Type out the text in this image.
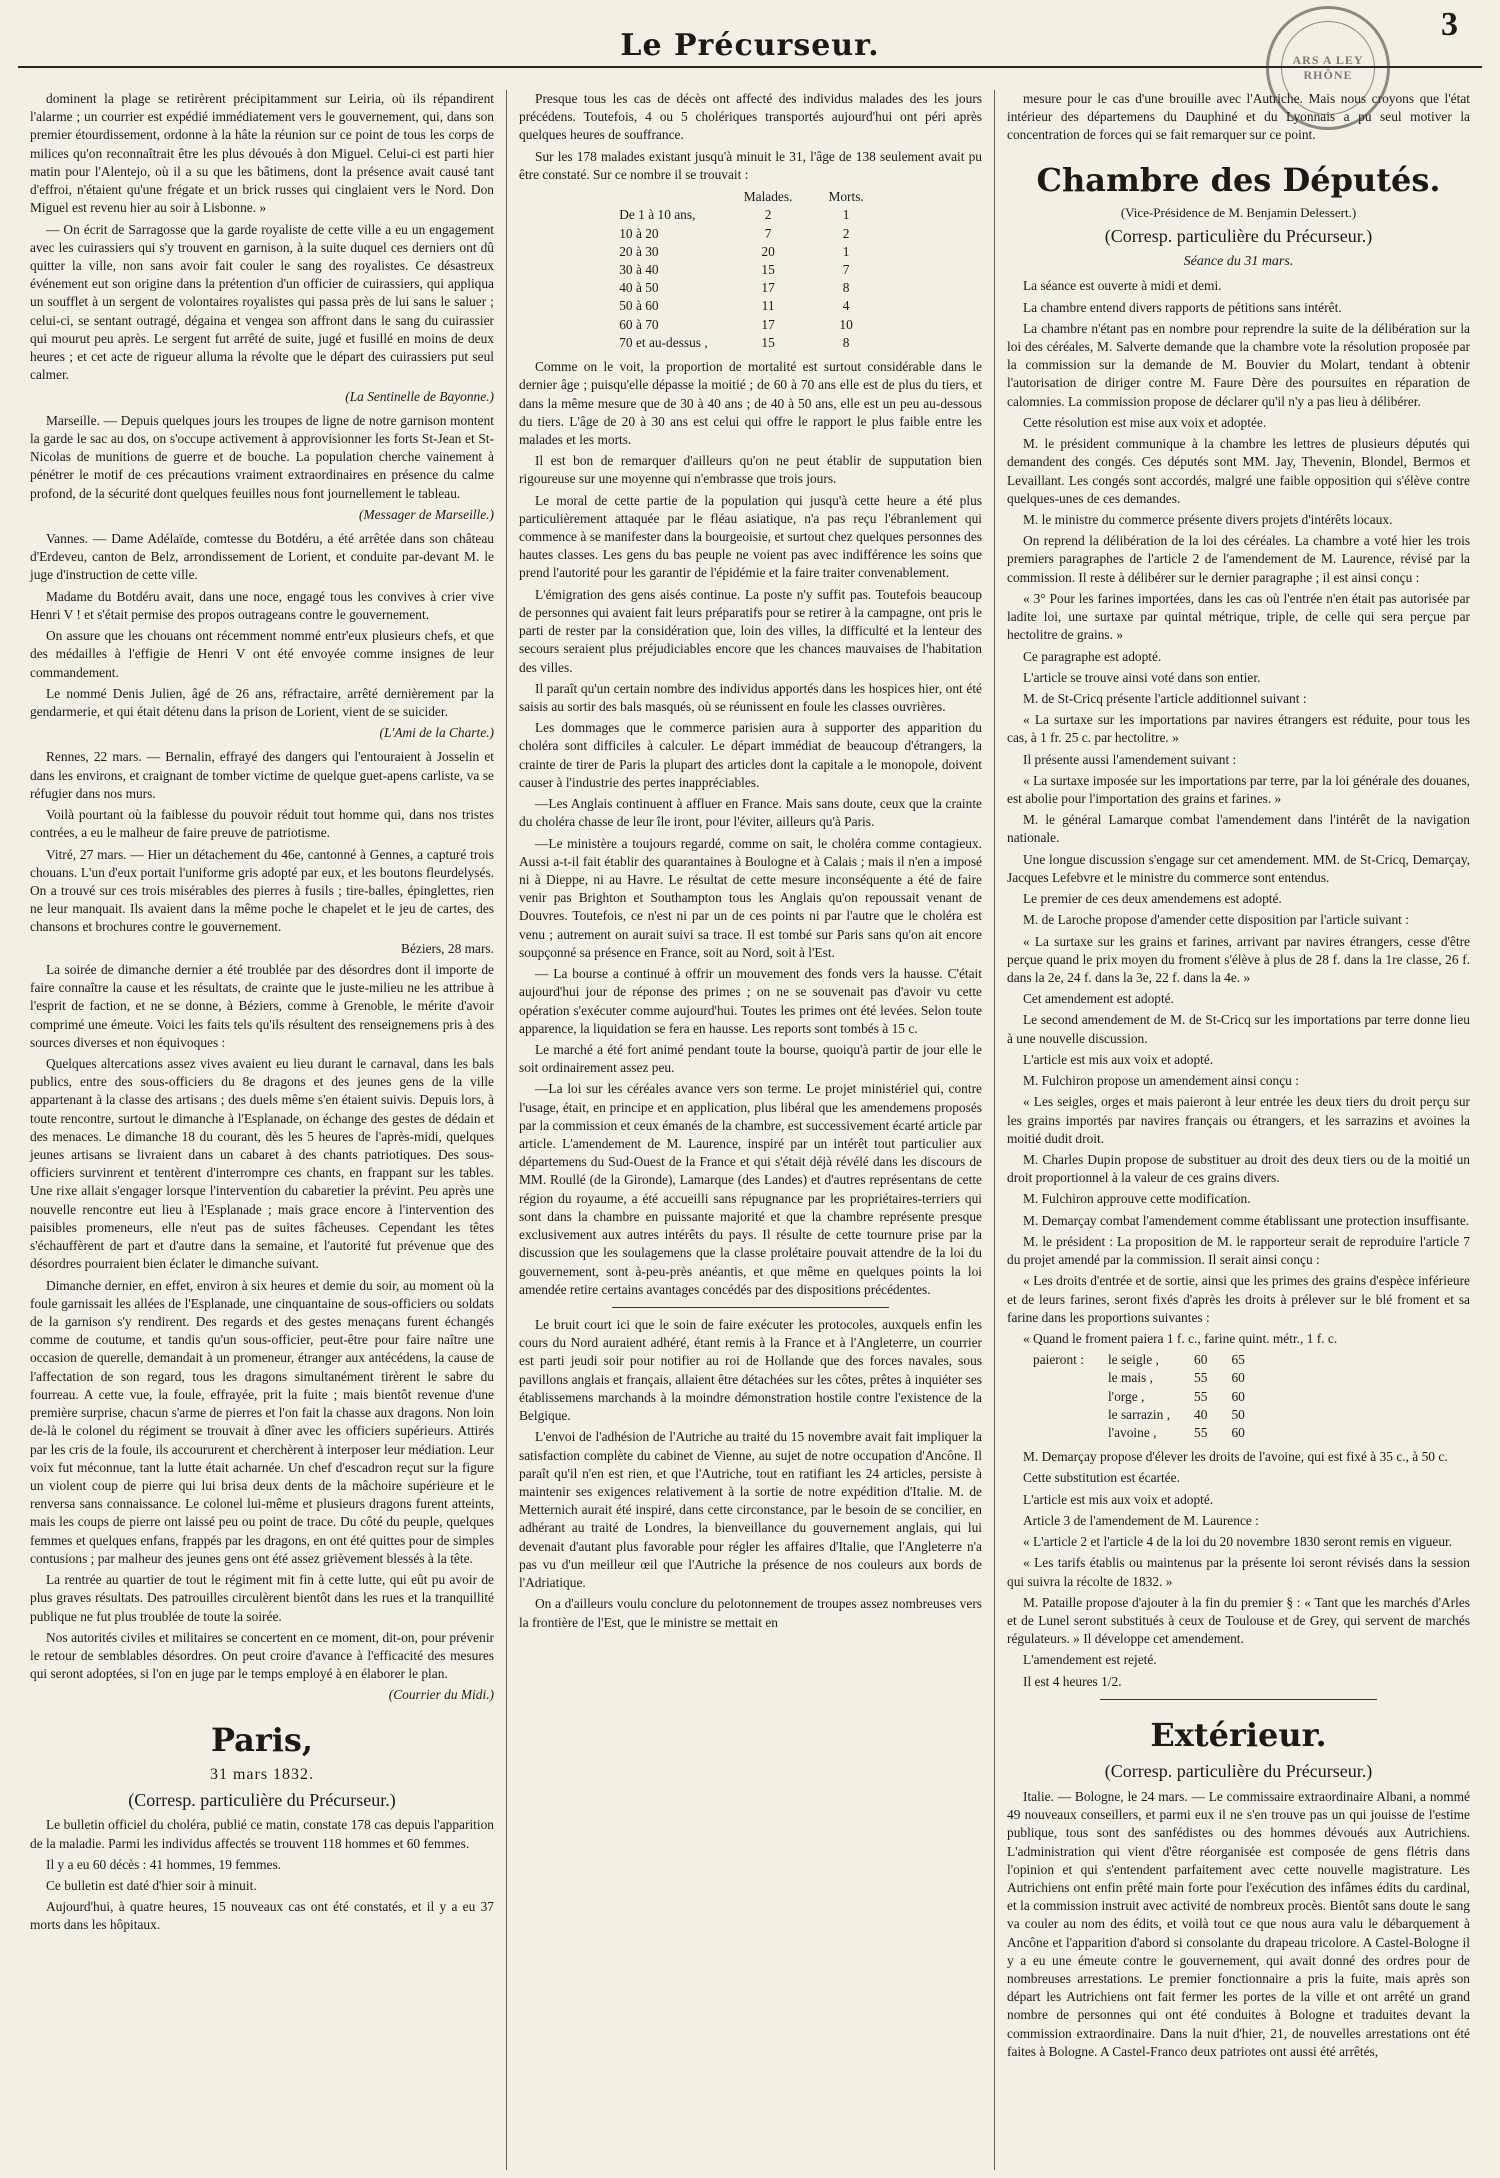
Le Précurseur.	ARS A LEY
RHÔNE
3

dominent la plage se retirèrent précipitamment sur Leiria, où ils répandirent l'alarme ; un courrier est expédié immédiatement vers le gouvernement, qui, dans son premier étourdissement, ordonne à la hâte la réunion sur ce point de tous les corps de milices qu'on reconnaîtrait être les plus dévoués à don Miguel. Celui-ci est parti hier matin pour l'Alentejo, où il a su que les bâtimens, dont la présence avait causé tant d'effroi, n'étaient qu'une frégate et un brick russes qui cinglaient vers le Nord. Don Miguel est revenu hier au soir à Lisbonne. »

— On écrit de Sarragosse que la garde royaliste de cette ville a eu un engagement avec les cuirassiers qui s'y trouvent en garnison, à la suite duquel ces derniers ont dû quitter la ville, non sans avoir fait couler le sang des royalistes. Ce désastreux événement eut son origine dans la prétention d'un officier de cuirassiers, qui appliqua un soufflet à un sergent de volontaires royalistes qui passa près de lui sans le saluer ; celui-ci, se sentant outragé, dégaina et vengea son affront dans le sang du cuirassier qui mourut peu après. Le sergent fut arrêté de suite, jugé et fusillé en moins de deux heures ; et cet acte de rigueur alluma la révolte que le départ des cuirassiers put seul calmer.

(La Sentinelle de Bayonne.)

Marseille. — Depuis quelques jours les troupes de ligne de notre garnison montent la garde le sac au dos, on s'occupe activement à approvisionner les forts St-Jean et St-Nicolas de munitions de guerre et de bouche. La population cherche vainement à pénétrer le motif de ces précautions vraiment extraordinaires en présence du calme profond, de la sécurité dont quelques feuilles nous font journellement le tableau.

(Messager de Marseille.)

Vannes. — Dame Adélaïde, comtesse du Botdéru, a été arrêtée dans son château d'Erdeveu, canton de Belz, arrondissement de Lorient, et conduite par-devant M. le juge d'instruction de cette ville.

Madame du Botdéru avait, dans une noce, engagé tous les convives à crier vive Henri V ! et s'était permise des propos outrageans contre le gouvernement.

On assure que les chouans ont récemment nommé entr'eux plusieurs chefs, et que des médailles à l'effigie de Henri V ont été envoyée comme insignes de leur commandement.

Le nommé Denis Julien, âgé de 26 ans, réfractaire, arrêté dernièrement par la gendarmerie, et qui était détenu dans la prison de Lorient, vient de se suicider.

(L'Ami de la Charte.)

Rennes, 22 mars. — Bernalin, effrayé des dangers qui l'entouraient à Josselin et dans les environs, et craignant de tomber victime de quelque guet-apens carliste, va se réfugier dans nos murs.

Voilà pourtant où la faiblesse du pouvoir réduit tout homme qui, dans nos tristes contrées, a eu le malheur de faire preuve de patriotisme.

Vitré, 27 mars. — Hier un détachement du 46e, cantonné à Gennes, a capturé trois chouans. L'un d'eux portait l'uniforme gris adopté par eux, et les boutons fleurdelysés. On a trouvé sur ces trois misérables des pierres à fusils ; tire-balles, épinglettes, rien ne leur manquait. Ils avaient dans la même poche le chapelet et le jeu de cartes, des chansons et brochures contre le gouvernement.

Béziers, 28 mars.

La soirée de dimanche dernier a été troublée par des désordres dont il importe de faire connaître la cause et les résultats, de crainte que le juste-milieu ne les attribue à l'esprit de faction, et ne se donne, à Béziers, comme à Grenoble, le mérite d'avoir comprimé une émeute. Voici les faits tels qu'ils résultent des renseignemens pris à des sources diverses et non équivoques :

Quelques altercations assez vives avaient eu lieu durant le carnaval, dans les bals publics, entre des sous-officiers du 8e dragons et des jeunes gens de la ville appartenant à la classe des artisans ; des duels même s'en étaient suivis. Depuis lors, à toute rencontre, surtout le dimanche à l'Esplanade, on échange des gestes de dédain et des menaces. Le dimanche 18 du courant, dès les 5 heures de l'après-midi, quelques jeunes artisans se livraient dans un cabaret à des chants patriotiques. Des sous-officiers survinrent et tentèrent d'interrompre ces chants, en frappant sur les tables. Une rixe allait s'engager lorsque l'intervention du cabaretier la prévint. Peu après une nouvelle rencontre eut lieu à l'Esplanade ; mais grace encore à l'intervention des paisibles promeneurs, elle n'eut pas de suites fâcheuses. Cependant les têtes s'échauffèrent de part et d'autre dans la semaine, et l'autorité fut prévenue que des désordres pourraient bien éclater le dimanche suivant.

Dimanche dernier, en effet, environ à six heures et demie du soir, au moment où la foule garnissait les allées de l'Esplanade, une cinquantaine de sous-officiers ou soldats de la garnison s'y rendirent. Des regards et des gestes menaçans furent échangés comme de coutume, et tandis qu'un sous-officier, peut-être pour faire naître une occasion de querelle, demandait à un promeneur, étranger aux antécédens, la cause de l'affectation de son regard, tous les dragons simultanément tirèrent le sabre du fourreau. A cette vue, la foule, effrayée, prit la fuite ; mais bientôt revenue d'une première surprise, chacun s'arme de pierres et l'on fait la chasse aux dragons. Non loin de-là le colonel du régiment se trouvait à dîner avec les officiers supérieurs. Attirés par les cris de la foule, ils accoururent et cherchèrent à interposer leur médiation. Leur voix fut méconnue, tant la lutte était acharnée. Un chef d'escadron reçut sur la figure un violent coup de pierre qui lui brisa deux dents de la mâchoire supérieure et le renversa sans connaissance. Le colonel lui-même et plusieurs dragons furent atteints, mais les coups de pierre ont laissé peu ou point de trace. Du côté du peuple, quelques femmes et quelques enfans, frappés par les dragons, en ont été quittes pour de simples contusions ; par malheur des jeunes gens ont été assez grièvement blessés à la tête.

La rentrée au quartier de tout le régiment mit fin à cette lutte, qui eût pu avoir de plus graves résultats. Des patrouilles circulèrent bientôt dans les rues et la tranquillité publique ne fut plus troublée de toute la soirée.

Nos autorités civiles et militaires se concertent en ce moment, dit-on, pour prévenir le retour de semblables désordres. On peut croire d'avance à l'efficacité des mesures qui seront adoptées, si l'on en juge par le temps employé à en élaborer le plan.

(Courrier du Midi.)
Paris,
31 mars 1832.
(Corresp. particulière du Précurseur.)

Le bulletin officiel du choléra, publié ce matin, constate 178 cas depuis l'apparition de la maladie. Parmi les individus affectés se trouvent 118 hommes et 60 femmes.

Il y a eu 60 décès : 41 hommes, 19 femmes.

Ce bulletin est daté d'hier soir à minuit.

Aujourd'hui, à quatre heures, 15 nouveaux cas ont été constatés, et il y a eu 37 morts dans les hôpitaux.

Presque tous les cas de décès ont affecté des individus malades des les jours précédens. Toutefois, 4 ou 5 cholériques transportés aujourd'hui ont péri après quelques heures de souffrance.

Sur les 178 malades existant jusqu'à minuit le 31, l'âge de 138 seulement avait pu être constaté. Sur ce nombre il se trouvait :

	Malades.	Morts.
De 1 à 10 ans,	2	1
10 à 20	7	2
20 à 30	20	1
30 à 40	15	7
40 à 50	17	8
50 à 60	11	4
60 à 70	17	10
70 et au-dessus ,	15	8

Comme on le voit, la proportion de mortalité est surtout considérable dans le dernier âge ; puisqu'elle dépasse la moitié ; de 60 à 70 ans elle est de plus du tiers, et dans la même mesure que de 30 à 40 ans ; de 40 à 50 ans, elle est un peu au-dessous du tiers. L'âge de 20 à 30 ans est celui qui offre le rapport le plus faible entre les malades et les morts.

Il est bon de remarquer d'ailleurs qu'on ne peut établir de supputation bien rigoureuse sur une moyenne qui n'embrasse que trois jours.

Le moral de cette partie de la population qui jusqu'à cette heure a été plus particulièrement attaquée par le fléau asiatique, n'a pas reçu l'ébranlement qui commence à se manifester dans la bourgeoisie, et surtout chez quelques personnes des hautes classes. Les gens du bas peuple ne voient pas avec indifférence les soins que prend l'autorité pour les garantir de l'épidémie et la faire traiter convenablement.

L'émigration des gens aisés continue. La poste n'y suffit pas. Toutefois beaucoup de personnes qui avaient fait leurs préparatifs pour se retirer à la campagne, ont pris le parti de rester par la considération que, loin des villes, la difficulté et la lenteur des secours seraient plus préjudiciables encore que les chances mauvaises de l'habitation des villes.

Il paraît qu'un certain nombre des individus apportés dans les hospices hier, ont été saisis au sortir des bals masqués, où se réunissent en foule les classes ouvrières.

Les dommages que le commerce parisien aura à supporter des apparition du choléra sont difficiles à calculer. Le départ immédiat de beaucoup d'étrangers, la crainte de tirer de Paris la plupart des articles dont la capitale a le monopole, doivent causer à l'industrie des pertes inappréciables.

—Les Anglais continuent à affluer en France. Mais sans doute, ceux que la crainte du choléra chasse de leur île iront, pour l'éviter, ailleurs qu'à Paris.

—Le ministère a toujours regardé, comme on sait, le choléra comme contagieux. Aussi a-t-il fait établir des quarantaines à Boulogne et à Calais ; mais il n'en a imposé ni à Dieppe, ni au Havre. Le résultat de cette mesure inconséquente a été de faire venir pas Brighton et Southampton tous les Anglais qu'on repoussait venant de Douvres. Toutefois, ce n'est ni par un de ces points ni par l'autre que le choléra est venu ; autrement on aurait suivi sa trace. Il est tombé sur Paris sans qu'on ait encore soupçonné sa présence en France, soit au Nord, soit à l'Est.

— La bourse a continué à offrir un mouvement des fonds vers la hausse. C'était aujourd'hui jour de réponse des primes ; on ne se souvenait pas d'avoir vu cette opération s'exécuter comme aujourd'hui. Toutes les primes ont été levées. Selon toute apparence, la liquidation se fera en hausse. Les reports sont tombés à 15 c.

Le marché a été fort animé pendant toute la bourse, quoiqu'à partir de jour elle le soit ordinairement assez peu.

—La loi sur les céréales avance vers son terme. Le projet ministériel qui, contre l'usage, était, en principe et en application, plus libéral que les amendemens proposés par la commission et ceux émanés de la chambre, est successivement écarté article par article. L'amendement de M. Laurence, inspiré par un intérêt tout particulier aux départemens du Sud-Ouest de la France et qui s'était déjà révélé dans les discours de MM. Roullé (de la Gironde), Lamarque (des Landes) et d'autres représentans de cette région du royaume, a été accueilli sans répugnance par les propriétaires-terriers qui sont dans la chambre en puissante majorité et que la chambre représente presque exclusivement aux autres intérêts du pays. Il résulte de cette tournure prise par la discussion que les soulagemens que la classe prolétaire pouvait attendre de la loi du gouvernement, sont à-peu-près anéantis, et que même en quelques points la loi amendée retire certains avantages concédés par des dispositions précédentes.

Le bruit court ici que le soin de faire exécuter les protocoles, auxquels enfin les cours du Nord auraient adhéré, étant remis à la France et à l'Angleterre, un courrier est parti jeudi soir pour notifier au roi de Hollande que des forces navales, sous pavillons anglais et français, allaient être détachées sur les côtes, prêtes à inquiéter ses établissemens marchands à la moindre démonstration hostile contre l'existence de la Belgique.

L'envoi de l'adhésion de l'Autriche au traité du 15 novembre avait fait impliquer la satisfaction complète du cabinet de Vienne, au sujet de notre occupation d'Ancône. Il paraît qu'il n'en est rien, et que l'Autriche, tout en ratifiant les 24 articles, persiste à maintenir ses exigences relativement à la sortie de notre expédition d'Italie. M. de Metternich aurait été inspiré, dans cette circonstance, par le besoin de se concilier, en adhérant au traité de Londres, la bienveillance du gouvernement anglais, qui lui devenait d'autant plus favorable pour régler les affaires d'Italie, que l'Angleterre n'a pas vu d'un meilleur œil que l'Autriche la présence de nos couleurs aux bords de l'Adriatique.

On a d'ailleurs voulu conclure du pelotonnement de troupes assez nombreuses vers la frontière de l'Est, que le ministre se mettait en

mesure pour le cas d'une brouille avec l'Autriche. Mais nous croyons que l'état intérieur des départemens du Dauphiné et du Lyonnais a pu seul motiver la concentration de forces qui se fait remarquer sur ce point.

Chambre des Députés.
(Vice-Présidence de M. Benjamin Delessert.)
(Corresp. particulière du Précurseur.)
Séance du 31 mars.

La séance est ouverte à midi et demi.

La chambre entend divers rapports de pétitions sans intérêt.

La chambre n'étant pas en nombre pour reprendre la suite de la délibération sur la loi des céréales, M. Salverte demande que la chambre vote la résolution proposée par la commission sur la demande de M. Bouvier du Molart, tendant à obtenir l'autorisation de diriger contre M. Faure Dère des poursuites en réparation de calomnies. La commission propose de déclarer qu'il n'y a pas lieu à délibérer.

Cette résolution est mise aux voix et adoptée.

M. le président communique à la chambre les lettres de plusieurs députés qui demandent des congés. Ces députés sont MM. Jay, Thevenin, Blondel, Bermos et Levaillant. Les congés sont accordés, malgré une faible opposition qui s'élève contre quelques-unes de ces demandes.

M. le ministre du commerce présente divers projets d'intérêts locaux.

On reprend la délibération de la loi des céréales. La chambre a voté hier les trois premiers paragraphes de l'article 2 de l'amendement de M. Laurence, révisé par la commission. Il reste à délibérer sur le dernier paragraphe ; il est ainsi conçu :

« 3° Pour les farines importées, dans les cas où l'entrée n'en était pas autorisée par ladite loi, une surtaxe par quintal métrique, triple, de celle qui sera perçue par hectolitre de grains. »

Ce paragraphe est adopté.

L'article se trouve ainsi voté dans son entier.

M. de St-Cricq présente l'article additionnel suivant :

« La surtaxe sur les importations par navires étrangers est réduite, pour tous les cas, à 1 fr. 25 c. par hectolitre. »

Il présente aussi l'amendement suivant :

« La surtaxe imposée sur les importations par terre, par la loi générale des douanes, est abolie pour l'importation des grains et farines. »

M. le général Lamarque combat l'amendement dans l'intérêt de la navigation nationale.

Une longue discussion s'engage sur cet amendement. MM. de St-Cricq, Demarçay, Jacques Lefebvre et le ministre du commerce sont entendus.

Le premier de ces deux amendemens est adopté.

M. de Laroche propose d'amender cette disposition par l'article suivant :

« La surtaxe sur les grains et farines, arrivant par navires étrangers, cesse d'être perçue quand le prix moyen du froment s'élève à plus de 28 f. dans la 1re classe, 26 f. dans la 2e, 24 f. dans la 3e, 22 f. dans la 4e. »

Cet amendement est adopté.

Le second amendement de M. de St-Cricq sur les importations par terre donne lieu à une nouvelle discussion.

L'article est mis aux voix et adopté.

M. Fulchiron propose un amendement ainsi conçu :

« Les seigles, orges et mais paieront à leur entrée les deux tiers du droit perçu sur les grains importés par navires français ou étrangers, et les sarrazins et avoines la moitié dudit droit.

M. Charles Dupin propose de substituer au droit des deux tiers ou de la moitié un droit proportionnel à la valeur de ces grains divers.

M. Fulchiron approuve cette modification.

M. Demarçay combat l'amendement comme établissant une protection insuffisante.

M. le président : La proposition de M. le rapporteur serait de reproduire l'article 7 du projet amendé par la commission. Il serait ainsi conçu :

« Les droits d'entrée et de sortie, ainsi que les primes des grains d'espèce inférieure et de leurs farines, seront fixés d'après les droits à prélever sur le blé froment et sa farine dans les proportions suivantes :

« Quand le froment paiera 1 f. c., farine quint. métr., 1 f. c.

paieront :	le seigle ,	60	65
	le mais ,	55	60
	l'orge ,	55	60
	le sarrazin ,	40	50
	l'avoine ,	55	60

M. Demarçay propose d'élever les droits de l'avoine, qui est fixé à 35 c., à 50 c.

Cette substitution est écartée.

L'article est mis aux voix et adopté.

Article 3 de l'amendement de M. Laurence :

« L'article 2 et l'article 4 de la loi du 20 novembre 1830 seront remis en vigueur.

« Les tarifs établis ou maintenus par la présente loi seront révisés dans la session qui suivra la récolte de 1832. »

M. Pataille propose d'ajouter à la fin du premier § : « Tant que les marchés d'Arles et de Lunel seront substitués à ceux de Toulouse et de Grey, qui servent de marchés régulateurs. » Il développe cet amendement.

L'amendement est rejeté.

Il est 4 heures 1/2.

Extérieur.
(Corresp. particulière du Précurseur.)

Italie. — Bologne, le 24 mars. — Le commissaire extraordinaire Albani, a nommé 49 nouveaux conseillers, et parmi eux il ne s'en trouve pas un qui jouisse de l'estime publique, tous sont des sanfédistes ou des hommes dévoués aux Autrichiens. L'administration qui vient d'être réorganisée est composée de gens flétris dans l'opinion et qui s'entendent parfaitement avec cette nouvelle magistrature. Les Autrichiens ont enfin prêté main forte pour l'exécution des infâmes édits du cardinal, et la commission instruit avec activité de nombreux procès. Bientôt sans doute le sang va couler au nom des édits, et voilà tout ce que nous aura valu le débarquement à Ancône et l'apparition d'abord si consolante du drapeau tricolore. A Castel-Bologne il y a eu une émeute contre le gouvernement, qui avait donné des ordres pour de nombreuses arrestations. Le premier fonctionnaire a pris la fuite, mais après son départ les Autrichiens ont fait fermer les portes de la ville et ont arrêté un grand nombre de personnes qui ont été conduites à Bologne et traduites devant la commission extraordinaire. Dans la nuit d'hier, 21, de nouvelles arrestations ont été faites à Bologne. A Castel-Franco deux patriotes ont aussi été arrêtés,
